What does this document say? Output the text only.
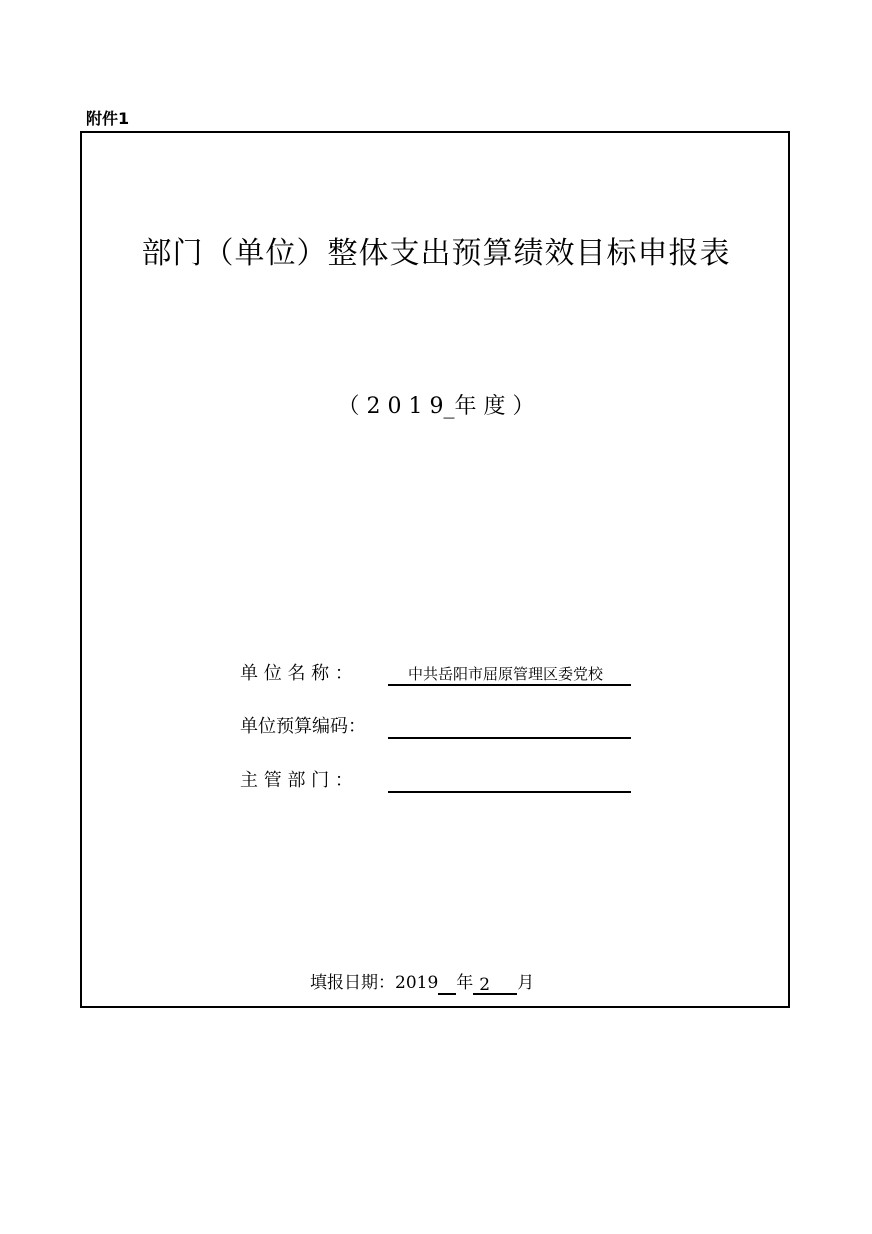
附件1
部门（单位）整体支出预算绩效目标申报表
（ 2 0 1 9_年 度 ）
单 位 名 称 ：	中共岳阳市屈原管理区委党校
单位预算编码：
主 管 部 门 ：
填报日期： 2019 年 2	月
